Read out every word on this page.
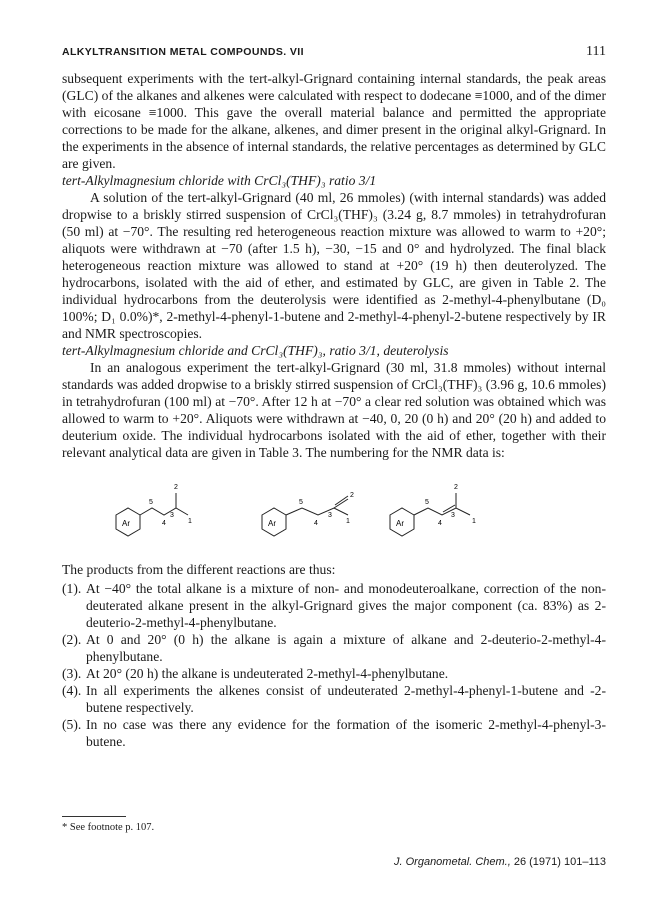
ALKYLTRANSITION METAL COMPOUNDS. VII	111

subsequent experiments with the tert-alkyl-Grignard containing internal standards, the peak areas (GLC) of the alkanes and alkenes were calculated with respect to dodecane ≡1000, and of the dimer with eicosane ≡1000. This gave the overall material balance and permitted the appropriate corrections to be made for the alkane, alkenes, and dimer present in the original alkyl-Grignard. In the experiments in the absence of internal standards, the relative percentages as determined by GLC are given.

tert-Alkylmagnesium chloride with CrCl₃(THF)₃ ratio 3/1

A solution of the tert-alkyl-Grignard (40 ml, 26 mmoles) (with internal standards) was added dropwise to a briskly stirred suspension of CrCl₃(THF)₃ (3.24 g, 8.7 mmoles) in tetrahydrofuran (50 ml) at −70°. The resulting red heterogeneous reaction mixture was allowed to warm to +20°; aliquots were withdrawn at −70 (after 1.5 h), −30, −15 and 0° and hydrolyzed. The final black heterogeneous reaction mixture was allowed to stand at +20° (19 h) then deuterolyzed. The hydrocarbons, isolated with the aid of ether, and estimated by GLC, are given in Table 2. The individual hydrocarbons from the deuterolysis were identified as 2-methyl-4-phenylbutane (D₀ 100%; D₁ 0.0%)*, 2-methyl-4-phenyl-1-butene and 2-methyl-4-phenyl-2-butene respectively by IR and NMR spectroscopies.

tert-Alkylmagnesium chloride and CrCl₃(THF)₃, ratio 3/1, deuterolysis

In an analogous experiment the tert-alkyl-Grignard (30 ml, 31.8 mmoles) without internal standards was added dropwise to a briskly stirred suspension of CrCl₃(THF)₃ (3.96 g, 10.6 mmoles) in tetrahydrofuran (100 ml) at −70°. After 12 h at −70° a clear red solution was obtained which was allowed to warm to +20°. Aliquots were withdrawn at −40, 0, 20 (0 h) and 20° (20 h) and added to deuterium oxide. The individual hydrocarbons isolated with the aid of ether, together with their relevant analytical data are given in Table 3. The numbering for the NMR data is:

Ar
5
4
3
2
1	Ar
5
4
3
2
1	Ar
5
4
3
2
1

The products from the different reactions are thus:

(1). At −40° the total alkane is a mixture of non- and monodeuteroalkane, correction of the non-deuterated alkane present in the alkyl-Grignard gives the major component (ca. 83%) as 2-deuterio-2-methyl-4-phenylbutane.
(2). At 0 and 20° (0 h) the alkane is again a mixture of alkane and 2-deuterio-2-methyl-4-phenylbutane.
(3). At 20° (20 h) the alkane is undeuterated 2-methyl-4-phenylbutane.
(4). In all experiments the alkenes consist of undeuterated 2-methyl-4-phenyl-1-butene and -2-butene respectively.
(5). In no case was there any evidence for the formation of the isomeric 2-methyl-4-phenyl-3-butene.
* See footnote p. 107.
J. Organometal. Chem., 26 (1971) 101–113
